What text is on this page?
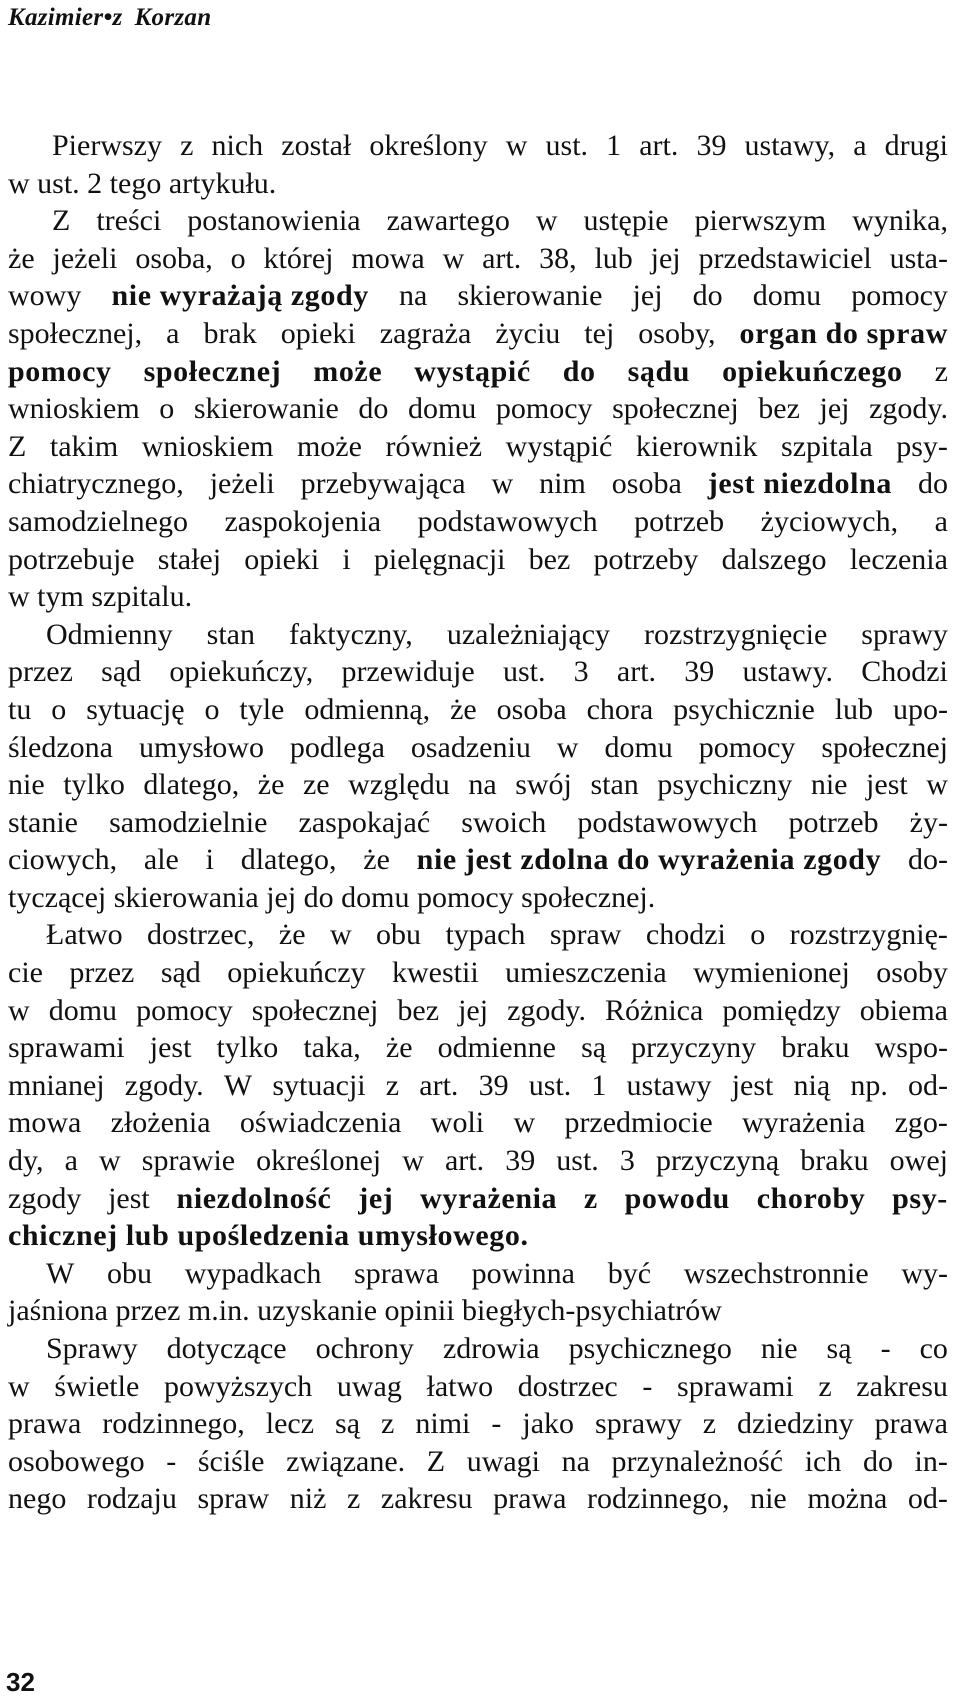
Kazimier•z Korzan
Pierwszy z nich został określony w ust. 1 art. 39 ustawy, a drugi
w ust. 2 tego artykułu.
Z treści postanowienia zawartego w ustępie pierwszym wynika,
że jeżeli osoba, o której mowa w art. 38, lub jej przedstawiciel usta-
wowy nie wyrażają zgody na skierowanie jej do domu pomocy
społecznej, a brak opieki zagraża życiu tej osoby, organ do spraw
pomocy społecznej może wystąpić do sądu opiekuńczego z
wnioskiem o skierowanie do domu pomocy społecznej bez jej zgody.
Z takim wnioskiem może również wystąpić kierownik szpitala psy-
chiatrycznego, jeżeli przebywająca w nim osoba jest niezdolna do
samodzielnego zaspokojenia podstawowych potrzeb życiowych, a
potrzebuje stałej opieki i pielęgnacji bez potrzeby dalszego leczenia
w tym szpitalu.
Odmienny stan faktyczny, uzależniający rozstrzygnięcie sprawy
przez sąd opiekuńczy, przewiduje ust. 3 art. 39 ustawy. Chodzi
tu o sytuację o tyle odmienną, że osoba chora psychicznie lub upo-
śledzona umysłowo podlega osadzeniu w domu pomocy społecznej
nie tylko dlatego, że ze względu na swój stan psychiczny nie jest w
stanie samodzielnie zaspokajać swoich podstawowych potrzeb ży-
ciowych, ale i dlatego, że nie jest zdolna do wyrażenia zgody do-
tyczącej skierowania jej do domu pomocy społecznej.
Łatwo dostrzec, że w obu typach spraw chodzi o rozstrzygnię-
cie przez sąd opiekuńczy kwestii umieszczenia wymienionej osoby
w domu pomocy społecznej bez jej zgody. Różnica pomiędzy obiema
sprawami jest tylko taka, że odmienne są przyczyny braku wspo-
mnianej zgody. W sytuacji z art. 39 ust. 1 ustawy jest nią np. od-
mowa złożenia oświadczenia woli w przedmiocie wyrażenia zgo-
dy, a w sprawie określonej w art. 39 ust. 3 przyczyną braku owej
zgody jest niezdolność jej wyrażenia z powodu choroby psy-
chicznej lub upośledzenia umysłowego.
W obu wypadkach sprawa powinna być wszechstronnie wy-
jaśniona przez m.in. uzyskanie opinii biegłych-psychiatrów
Sprawy dotyczące ochrony zdrowia psychicznego nie są - co
w świetle powyższych uwag łatwo dostrzec - sprawami z zakresu
prawa rodzinnego, lecz są z nimi - jako sprawy z dziedziny prawa
osobowego - ściśle związane. Z uwagi na przynależność ich do in-
nego rodzaju spraw niż z zakresu prawa rodzinnego, nie można od-
32
